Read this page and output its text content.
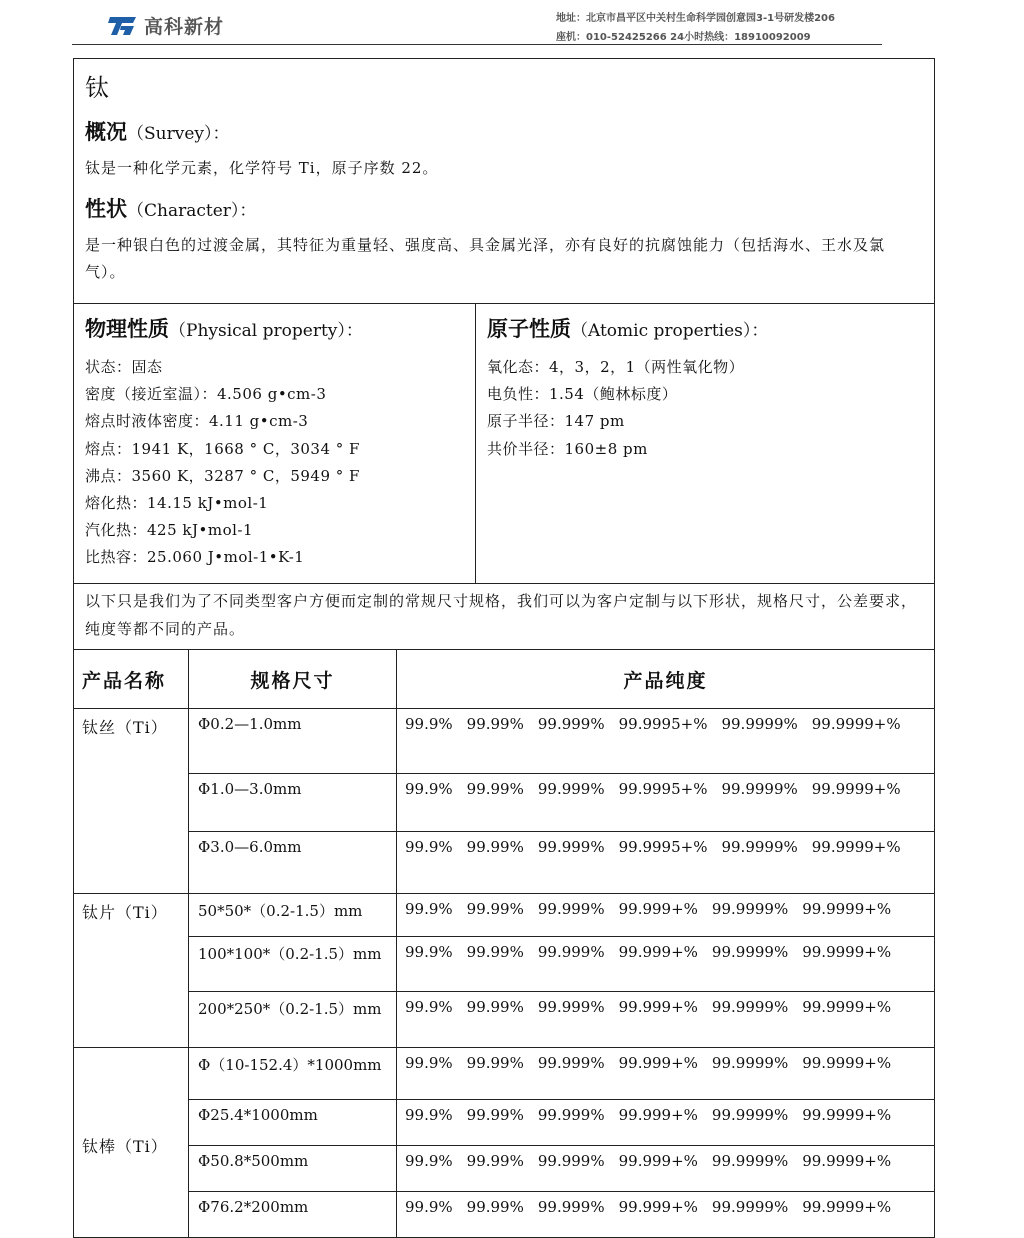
高科新材	地址：北京市昌平区中关村生命科学园创意园3-1号研发楼206
座机：010-52425266 24小时热线：18910092009
钛
概况（Survey）：
钛是一种化学元素，化学符号 Ti，原子序数 22。
性状（Character）：
是一种银白色的过渡金属，其特征为重量轻、强度高、具金属光泽，亦有良好的抗腐蚀能力（包括海水、王水及氯气）。
物理性质（Physical property）：
状态：固态
密度（接近室温）：4.506 g•cm-3
熔点时液体密度：4.11 g•cm-3
熔点：1941 K，1668 ° C，3034 ° F
沸点：3560 K，3287 ° C，5949 ° F
熔化热：14.15 kJ•mol-1
汽化热：425 kJ•mol-1
比热容：25.060 J•mol-1•K-1
原子性质（Atomic properties）：
氧化态：4，3，2，1（两性氧化物）
电负性：1.54（鲍林标度）
原子半径：147 pm
共价半径：160±8 pm
以下只是我们为了不同类型客户方便而定制的常规尺寸规格，我们可以为客户定制与以下形状，规格尺寸，公差要求，纯度等都不同的产品。
产品名称	规格尺寸	产品纯度
钛丝（Ti）	Φ0.2—1.0mm	99.9% 99.99% 99.999% 99.9995+% 99.9999% 99.9999+%
	Φ1.0—3.0mm	99.9% 99.99% 99.999% 99.9995+% 99.9999% 99.9999+%
	Φ3.0—6.0mm	99.9% 99.99% 99.999% 99.9995+% 99.9999% 99.9999+%
钛片（Ti）	50*50*（0.2-1.5）mm	99.9% 99.99% 99.999% 99.999+% 99.9999% 99.9999+%
	100*100*（0.2-1.5）mm	99.9% 99.99% 99.999% 99.999+% 99.9999% 99.9999+%
	200*250*（0.2-1.5）mm	99.9% 99.99% 99.999% 99.999+% 99.9999% 99.9999+%
钛棒（Ti）	Φ（10-152.4）*1000mm	99.9% 99.99% 99.999% 99.999+% 99.9999% 99.9999+%
	Φ25.4*1000mm	99.9% 99.99% 99.999% 99.999+% 99.9999% 99.9999+%
	Φ50.8*500mm	99.9% 99.99% 99.999% 99.999+% 99.9999% 99.9999+%
	Φ76.2*200mm	99.9% 99.99% 99.999% 99.999+% 99.9999% 99.9999+%
